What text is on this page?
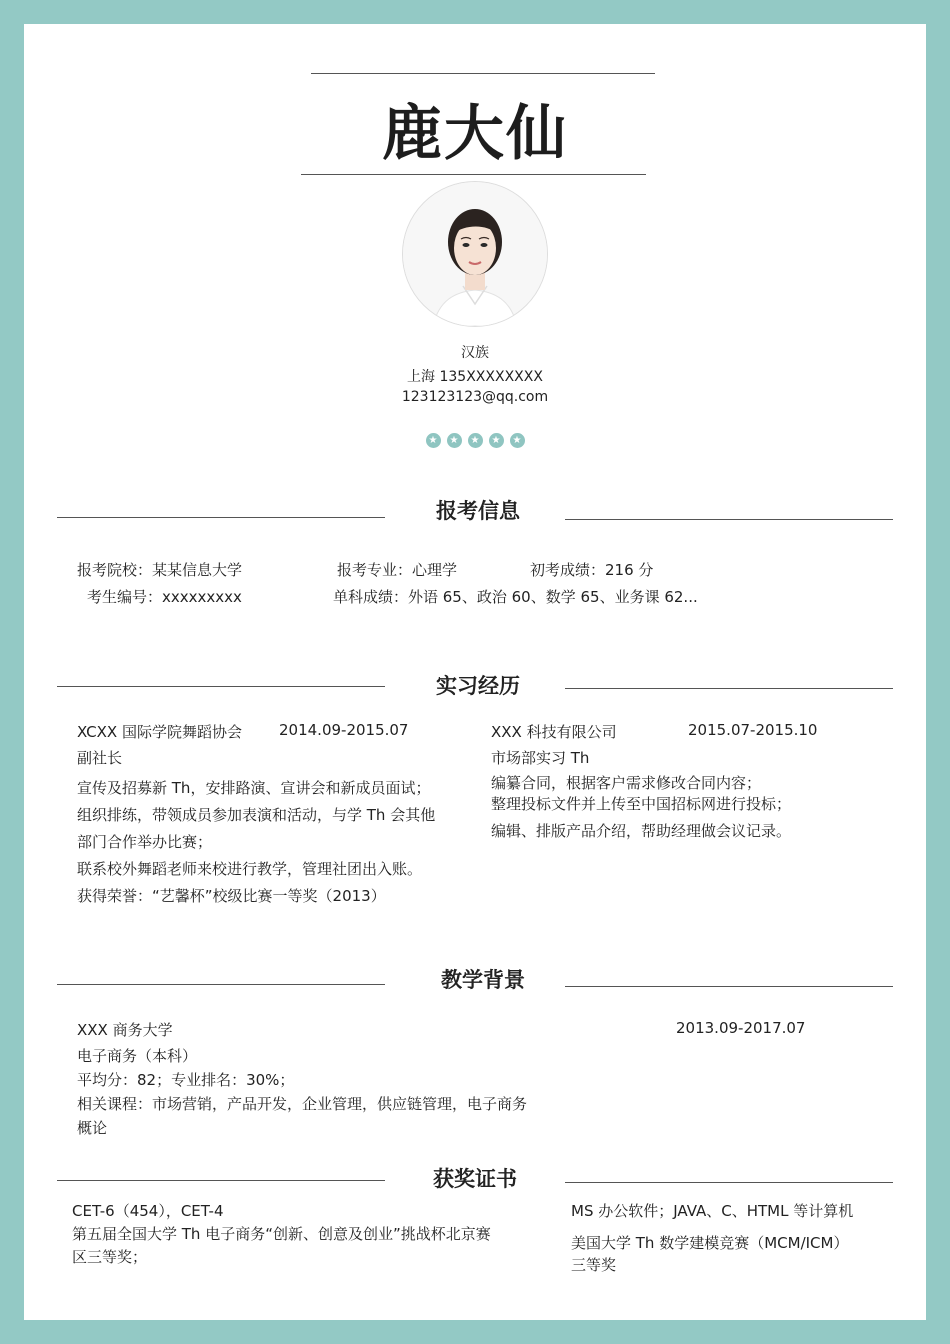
鹿大仙
汉族
上海 135XXXXXXXX
123123123@qq.com
★ ★ ★ ★ ★
报考信息
报考院校：某某信息大学	报考专业：心理学	初考成绩：216 分
考生编号：xxxxxxxxx	单科成绩：外语 65、政治 60、数学 65、业务课 62...
实习经历
XCXX 国际学院舞蹈协会 2014.09-2015.07
副社长
宣传及招募新 Th，安排路演、宣讲会和新成员面试；
组织排练，带领成员参加表演和活动，与学 Th 会其他
部门合作举办比赛；
联系校外舞蹈老师来校进行教学，管理社团出入账。
获得荣誉：“艺馨杯”校级比赛一等奖（2013）
XXX 科技有限公司	2015.07-2015.10
市场部实习 Th
编纂合同，根据客户需求修改合同内容；
整理投标文件并上传至中国招标网进行投标；
编辑、排版产品介绍，帮助经理做会议记录。
教学背景
XXX 商务大学	2013.09-2017.07
电子商务（本科）
平均分：82；专业排名：30%；
相关课程：市场营销，产品开发，企业管理，供应链管理，电子商务
概论
获奖证书
CET-6（454），CET-4
第五届全国大学 Th 电子商务“创新、创意及创业”挑战杯北京赛
区三等奖；
MS 办公软件；JAVA、C、HTML 等计算机
美国大学 Th 数学建模竞赛（MCM/ICM）
三等奖
